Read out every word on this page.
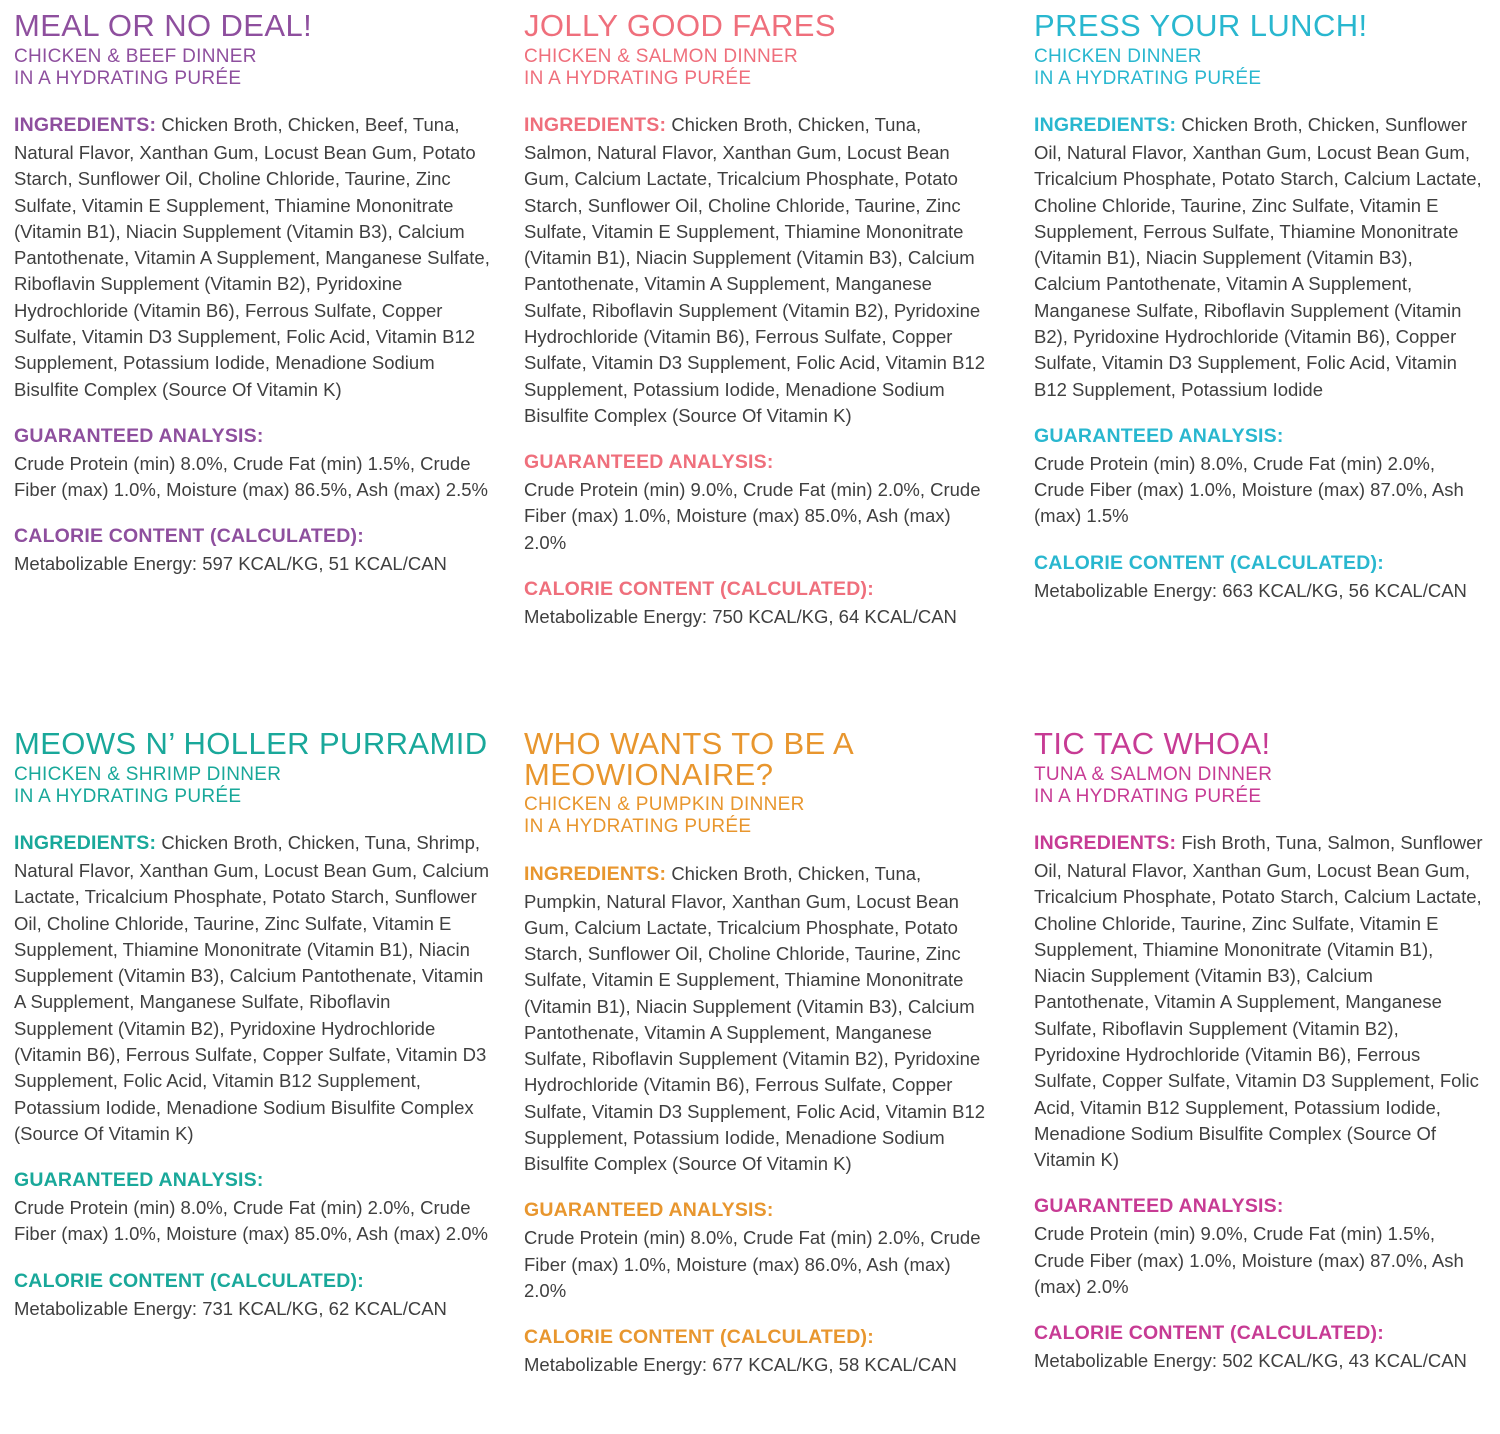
MEAL OR NO DEAL!

CHICKEN & BEEF DINNER
IN A HYDRATING PURÉE

INGREDIENTS: Chicken Broth, Chicken, Beef, Tuna, Natural Flavor, Xanthan Gum, Locust Bean Gum, Potato Starch, Sunflower Oil, Choline Chloride, Taurine, Zinc Sulfate, Vitamin E Supplement, Thiamine Mononitrate (Vitamin B1), Niacin Supplement (Vitamin B3), Calcium Pantothenate, Vitamin A Supplement, Manganese Sulfate, Riboflavin Supplement (Vitamin B2), Pyridoxine Hydrochloride (Vitamin B6), Ferrous Sulfate, Copper Sulfate, Vitamin D3 Supplement, Folic Acid, Vitamin B12 Supplement, Potassium Iodide, Menadione Sodium Bisulfite Complex (Source Of Vitamin K)

GUARANTEED ANALYSIS:

Crude Protein (min) 8.0%, Crude Fat (min) 1.5%, Crude Fiber (max) 1.0%, Moisture (max) 86.5%, Ash (max) 2.5%

CALORIE CONTENT (CALCULATED):

Metabolizable Energy: 597 KCAL/KG, 51 KCAL/CAN

JOLLY GOOD FARES

CHICKEN & SALMON DINNER
IN A HYDRATING PURÉE

INGREDIENTS: Chicken Broth, Chicken, Tuna, Salmon, Natural Flavor, Xanthan Gum, Locust Bean Gum, Calcium Lactate, Tricalcium Phosphate, Potato Starch, Sunflower Oil, Choline Chloride, Taurine, Zinc Sulfate, Vitamin E Supplement, Thiamine Mononitrate (Vitamin B1), Niacin Supplement (Vitamin B3), Calcium Pantothenate, Vitamin A Supplement, Manganese Sulfate, Riboflavin Supplement (Vitamin B2), Pyridoxine Hydrochloride (Vitamin B6), Ferrous Sulfate, Copper Sulfate, Vitamin D3 Supplement, Folic Acid, Vitamin B12 Supplement, Potassium Iodide, Menadione Sodium Bisulfite Complex (Source Of Vitamin K)

GUARANTEED ANALYSIS:

Crude Protein (min) 9.0%, Crude Fat (min) 2.0%, Crude Fiber (max) 1.0%, Moisture (max) 85.0%, Ash (max) 2.0%

CALORIE CONTENT (CALCULATED):

Metabolizable Energy: 750 KCAL/KG, 64 KCAL/CAN

PRESS YOUR LUNCH!

CHICKEN DINNER
IN A HYDRATING PURÉE

INGREDIENTS: Chicken Broth, Chicken, Sunflower Oil, Natural Flavor, Xanthan Gum, Locust Bean Gum, Tricalcium Phosphate, Potato Starch, Calcium Lactate, Choline Chloride, Taurine, Zinc Sulfate, Vitamin E Supplement, Ferrous Sulfate, Thiamine Mononitrate (Vitamin B1), Niacin Supplement (Vitamin B3), Calcium Pantothenate, Vitamin A Supplement, Manganese Sulfate, Riboflavin Supplement (Vitamin B2), Pyridoxine Hydrochloride (Vitamin B6), Copper Sulfate, Vitamin D3 Supplement, Folic Acid, Vitamin B12 Supplement, Potassium Iodide

GUARANTEED ANALYSIS:

Crude Protein (min) 8.0%, Crude Fat (min) 2.0%, Crude Fiber (max) 1.0%, Moisture (max) 87.0%, Ash (max) 1.5%

CALORIE CONTENT (CALCULATED):

Metabolizable Energy: 663 KCAL/KG, 56 KCAL/CAN

MEOWS N’ HOLLER PURRAMID

CHICKEN & SHRIMP DINNER
IN A HYDRATING PURÉE

INGREDIENTS: Chicken Broth, Chicken, Tuna, Shrimp, Natural Flavor, Xanthan Gum, Locust Bean Gum, Calcium Lactate, Tricalcium Phosphate, Potato Starch, Sunflower Oil, Choline Chloride, Taurine, Zinc Sulfate, Vitamin E Supplement, Thiamine Mononitrate (Vitamin B1), Niacin Supplement (Vitamin B3), Calcium Pantothenate, Vitamin A Supplement, Manganese Sulfate, Riboflavin Supplement (Vitamin B2), Pyridoxine Hydrochloride (Vitamin B6), Ferrous Sulfate, Copper Sulfate, Vitamin D3 Supplement, Folic Acid, Vitamin B12 Supplement, Potassium Iodide, Menadione Sodium Bisulfite Complex (Source Of Vitamin K)

GUARANTEED ANALYSIS:

Crude Protein (min) 8.0%, Crude Fat (min) 2.0%, Crude Fiber (max) 1.0%, Moisture (max) 85.0%, Ash (max) 2.0%

CALORIE CONTENT (CALCULATED):

Metabolizable Energy: 731 KCAL/KG, 62 KCAL/CAN

WHO WANTS TO BE A
MEOWIONAIRE?

CHICKEN & PUMPKIN DINNER
IN A HYDRATING PURÉE

INGREDIENTS: Chicken Broth, Chicken, Tuna, Pumpkin, Natural Flavor, Xanthan Gum, Locust Bean Gum, Calcium Lactate, Tricalcium Phosphate, Potato Starch, Sunflower Oil, Choline Chloride, Taurine, Zinc Sulfate, Vitamin E Supplement, Thiamine Mononitrate (Vitamin B1), Niacin Supplement (Vitamin B3), Calcium Pantothenate, Vitamin A Supplement, Manganese Sulfate, Riboflavin Supplement (Vitamin B2), Pyridoxine Hydrochloride (Vitamin B6), Ferrous Sulfate, Copper Sulfate, Vitamin D3 Supplement, Folic Acid, Vitamin B12 Supplement, Potassium Iodide, Menadione Sodium Bisulfite Complex (Source Of Vitamin K)

GUARANTEED ANALYSIS:

Crude Protein (min) 8.0%, Crude Fat (min) 2.0%, Crude Fiber (max) 1.0%, Moisture (max) 86.0%, Ash (max) 2.0%

CALORIE CONTENT (CALCULATED):

Metabolizable Energy: 677 KCAL/KG, 58 KCAL/CAN

TIC TAC WHOA!

TUNA & SALMON DINNER
IN A HYDRATING PURÉE

INGREDIENTS: Fish Broth, Tuna, Salmon, Sunflower Oil, Natural Flavor, Xanthan Gum, Locust Bean Gum, Tricalcium Phosphate, Potato Starch, Calcium Lactate, Choline Chloride, Taurine, Zinc Sulfate, Vitamin E Supplement, Thiamine Mononitrate (Vitamin B1), Niacin Supplement (Vitamin B3), Calcium Pantothenate, Vitamin A Supplement, Manganese Sulfate, Riboflavin Supplement (Vitamin B2), Pyridoxine Hydrochloride (Vitamin B6), Ferrous Sulfate, Copper Sulfate, Vitamin D3 Supplement, Folic Acid, Vitamin B12 Supplement, Potassium Iodide, Menadione Sodium Bisulfite Complex (Source Of Vitamin K)

GUARANTEED ANALYSIS:

Crude Protein (min) 9.0%, Crude Fat (min) 1.5%, Crude Fiber (max) 1.0%, Moisture (max) 87.0%, Ash (max) 2.0%

CALORIE CONTENT (CALCULATED):

Metabolizable Energy: 502 KCAL/KG, 43 KCAL/CAN
